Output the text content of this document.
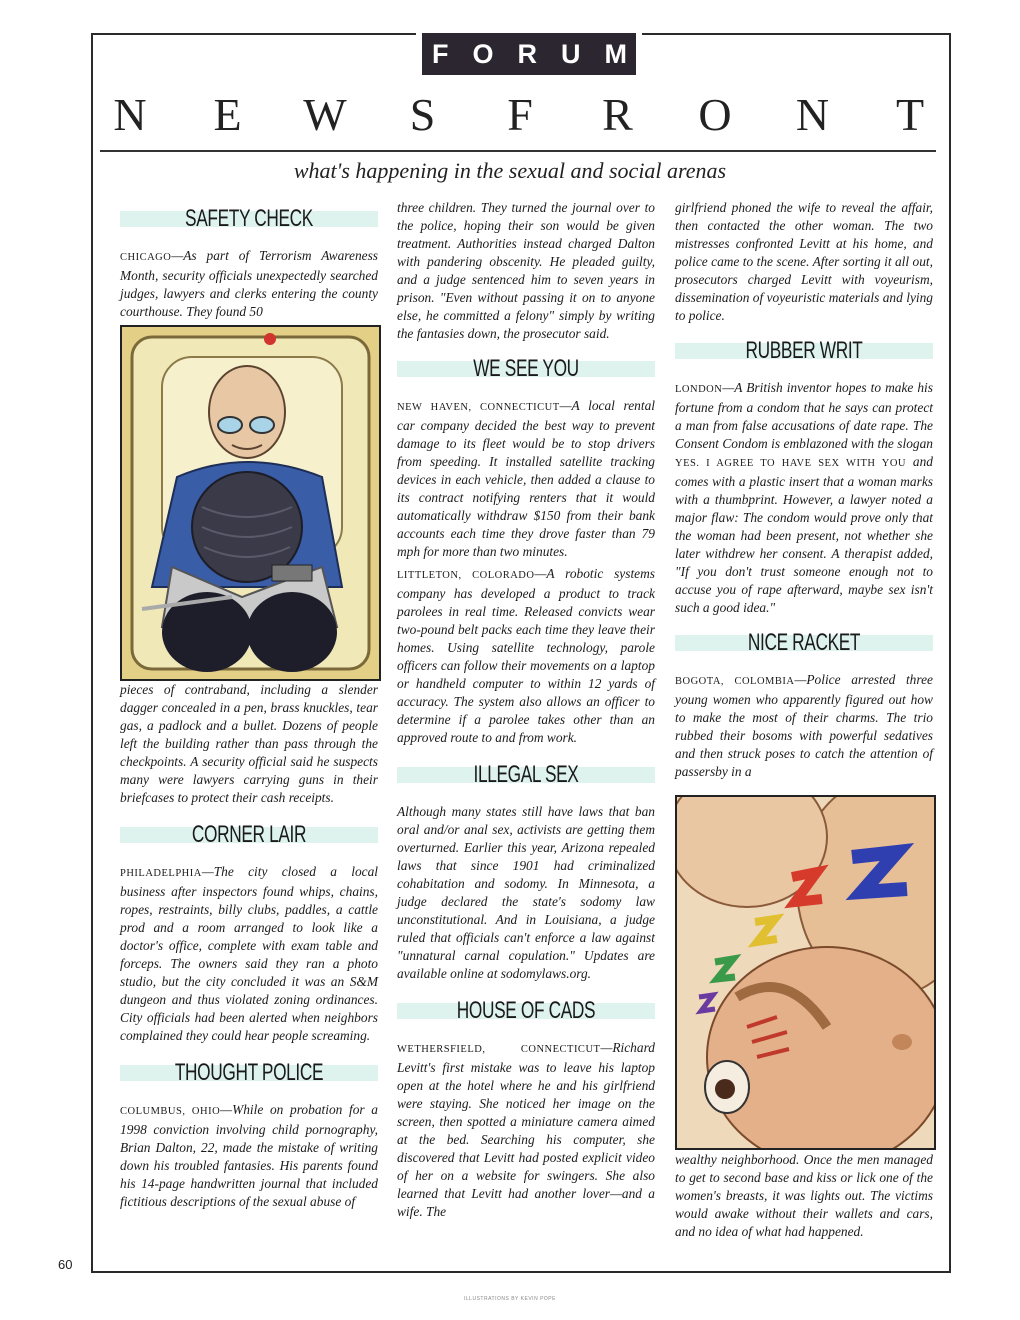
FORUM
N	E	W	S	F	R	O N	T
what's happening in the sexual and social arenas
SAFETY CHECK

CHICAGO—As part of Terrorism Awareness Month, security officials unexpectedly searched judges, lawyers and clerks entering the county courthouse. They found 50

pieces of contraband, including a slender dagger concealed in a pen, brass knuckles, tear gas, a padlock and a bullet. Dozens of people left the building rather than pass through the checkpoints. A security official said he suspects many were lawyers carrying guns in their briefcases to protect their cash receipts.

CORNER LAIR

PHILADELPHIA—The city closed a local business after inspectors found whips, chains, ropes, restraints, billy clubs, paddles, a cattle prod and a room arranged to look like a doctor's office, complete with exam table and forceps. The owners said they ran a photo studio, but the city concluded it was an S&M dungeon and thus violated zoning ordinances. City officials had been alerted when neighbors complained they could hear people screaming.

THOUGHT POLICE

COLUMBUS, OHIO—While on probation for a 1998 conviction involving child pornography, Brian Dalton, 22, made the mistake of writing down his troubled fantasies. His parents found his 14-page handwritten journal that included fictitious descriptions of the sexual abuse of

three children. They turned the journal over to the police, hoping their son would be given treatment. Authorities instead charged Dalton with pandering obscenity. He pleaded guilty, and a judge sentenced him to seven years in prison. "Even without passing it on to anyone else, he committed a felony" simply by writing the fantasies down, the prosecutor said.

WE SEE YOU

NEW HAVEN, CONNECTICUT—A local rental car company decided the best way to prevent damage to its fleet would be to stop drivers from speeding. It installed satellite tracking devices in each vehicle, then added a clause to its contract notifying renters that it would automatically withdraw $150 from their bank accounts each time they drove faster than 79 mph for more than two minutes.

LITTLETON, COLORADO—A robotic systems company has developed a product to track parolees in real time. Released convicts wear two-pound belt packs each time they leave their homes. Using satellite technology, parole officers can follow their movements on a laptop or handheld computer to within 12 yards of accuracy. The system also allows an officer to determine if a parolee takes other than an approved route to and from work.

ILLEGAL SEX

Although many states still have laws that ban oral and/or anal sex, activists are getting them overturned. Earlier this year, Arizona repealed laws that since 1901 had criminalized cohabitation and sodomy. In Minnesota, a judge declared the state's sodomy law unconstitutional. And in Louisiana, a judge ruled that officials can't enforce a law against "unnatural carnal copulation." Updates are available online at sodomylaws.org.

HOUSE OF CADS

WETHERSFIELD, CONNECTICUT—Richard Levitt's first mistake was to leave his laptop open at the hotel where he and his girlfriend were staying. She noticed her image on the screen, then spotted a miniature camera aimed at the bed. Searching his computer, she discovered that Levitt had posted explicit video of her on a website for swingers. She also learned that Levitt had another lover—and a wife. The

girlfriend phoned the wife to reveal the affair, then contacted the other woman. The two mistresses confronted Levitt at his home, and police came to the scene. After sorting it all out, prosecutors charged Levitt with voyeurism, dissemination of voyeuristic materials and lying to police.

RUBBER WRIT

LONDON—A British inventor hopes to make his fortune from a condom that he says can protect a man from false accusations of date rape. The Consent Condom is emblazoned with the slogan YES. I AGREE TO HAVE SEX WITH YOU and comes with a plastic insert that a woman marks with a thumbprint. However, a lawyer noted a major flaw: The condom would prove only that the woman had been present, not whether she later withdrew her consent. A therapist added, "If you don't trust someone enough not to accuse you of rape afterward, maybe sex isn't such a good idea."

NICE RACKET

BOGOTA, COLOMBIA—Police arrested three young women who apparently figured out how to make the most of their charms. The trio rubbed their bosoms with powerful sedatives and then struck poses to catch the attention of passersby in a

wealthy neighborhood. Once the men managed to get to second base and kiss or lick one of the women's breasts, it was lights out. The victims would awake without their wallets and cars, and no idea of what had happened.

60
ILLUSTRATIONS BY KEVIN POPE
